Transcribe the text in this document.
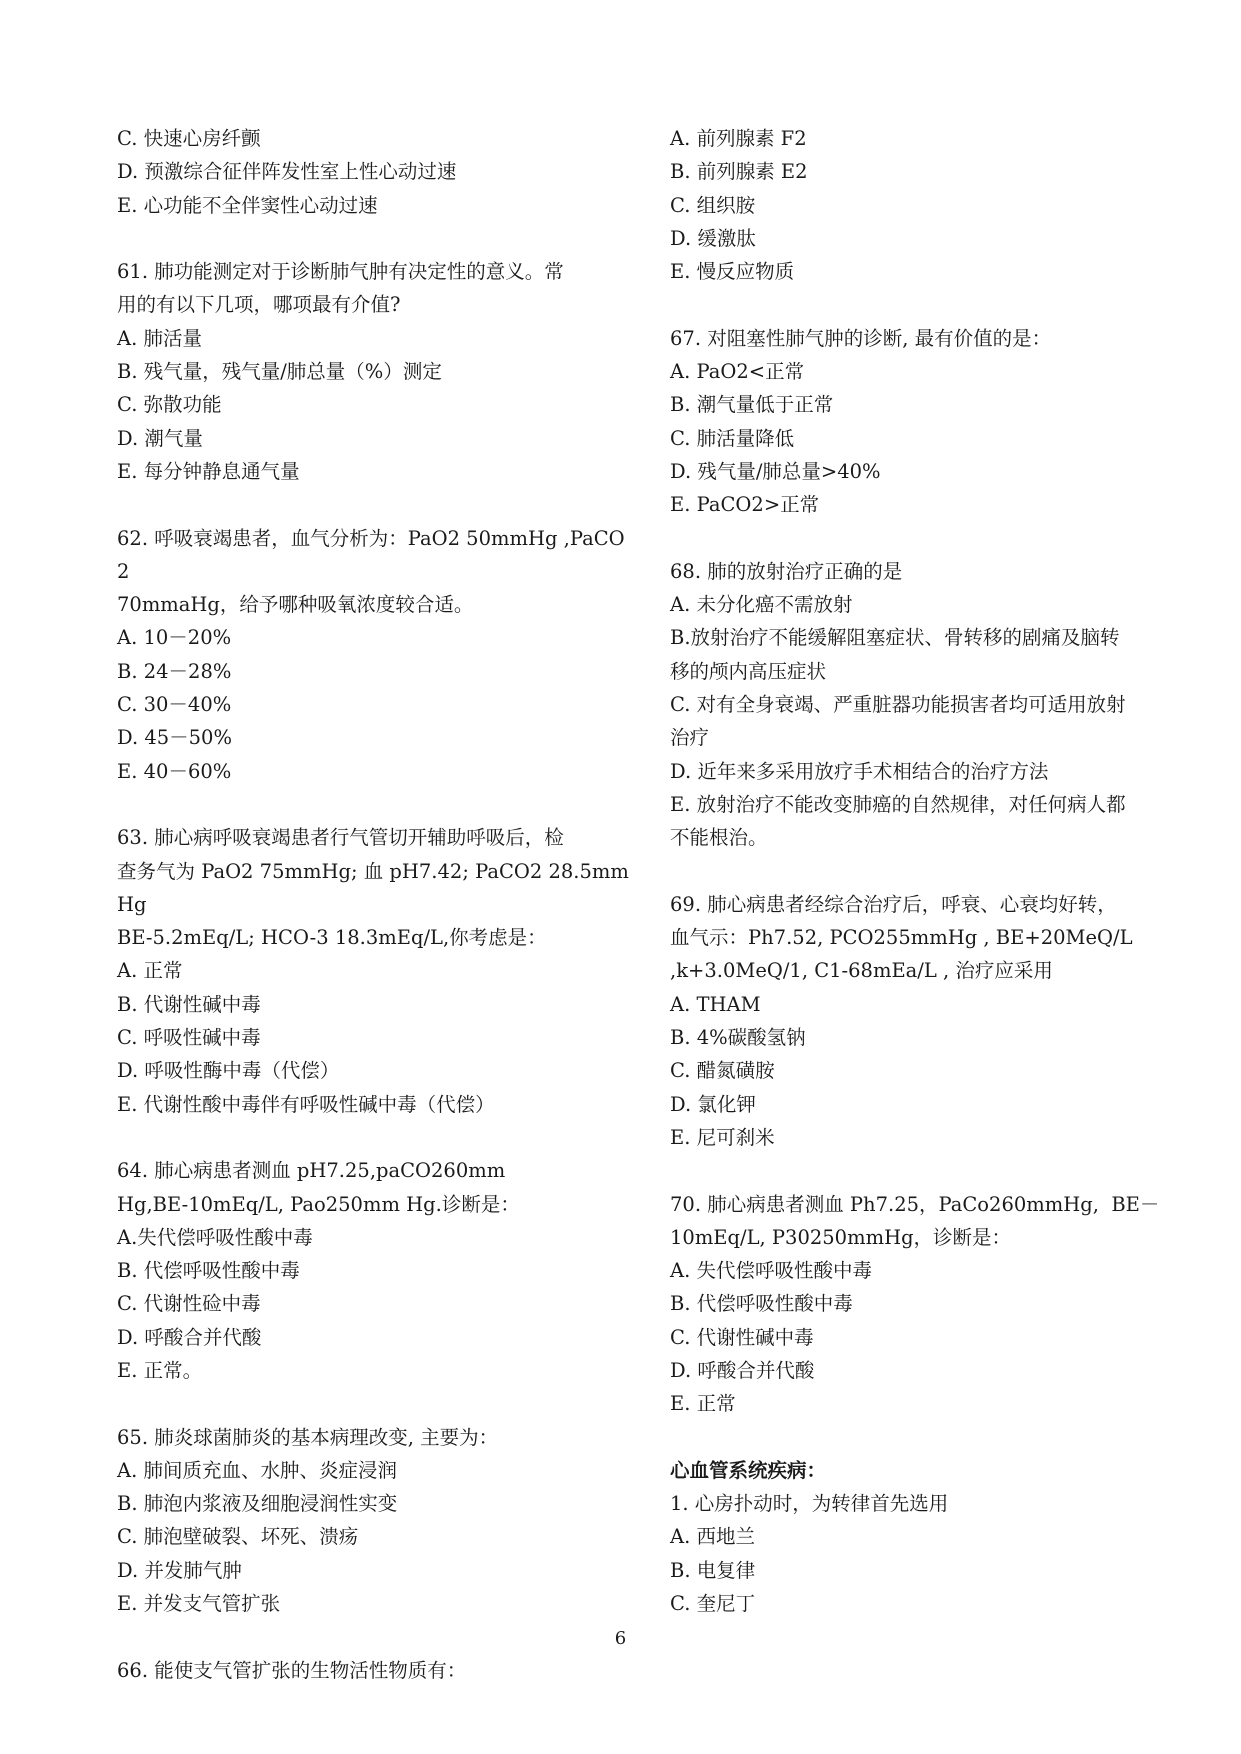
C. 快速心房纤颤
D. 预激综合征伴阵发性室上性心动过速
E. 心功能不全伴窦性心动过速
61. 肺功能测定对于诊断肺气肿有决定性的意义。常
用的有以下几项，哪项最有介值?
A. 肺活量
B. 残气量，残气量/肺总量（%）测定
C. 弥散功能
D. 潮气量
E. 每分钟静息通气量
62. 呼吸衰竭患者，血气分析为：PaO2 50mmHg ,PaCO2
70mmaHg，给予哪种吸氧浓度较合适。
A. 10－20%
B. 24－28%
C. 30－40%
D. 45－50%
E. 40－60%
63. 肺心病呼吸衰竭患者行气管切开辅助呼吸后，检
查务气为 PaO2 75mmHg; 血 pH7.42; PaCO2 28.5mmHg
BE-5.2mEq/L; HCO-3 18.3mEq/L,你考虑是：
A. 正常
B. 代谢性碱中毒
C. 呼吸性碱中毒
D. 呼吸性酶中毒（代偿）
E. 代谢性酸中毒伴有呼吸性碱中毒（代偿）
64. 肺心病患者测血 pH7.25,paCO260mm
Hg,BE-10mEq/L, Pao250mm Hg.诊断是：
A.失代偿呼吸性酸中毒
B. 代偿呼吸性酸中毒
C. 代谢性硷中毒
D. 呼酸合并代酸
E. 正常。
65. 肺炎球菌肺炎的基本病理改变, 主要为：
A. 肺间质充血、水肿、炎症浸润
B. 肺泡内浆液及细胞浸润性实变
C. 肺泡壁破裂、坏死、溃疡
D. 并发肺气肿
E. 并发支气管扩张
66. 能使支气管扩张的生物活性物质有：
A. 前列腺素 F2
B. 前列腺素 E2
C. 组织胺
D. 缓激肽
E. 慢反应物质
67. 对阻塞性肺气肿的诊断, 最有价值的是：
A. PaO2<正常
B. 潮气量低于正常
C. 肺活量降低
D. 残气量/肺总量>40%
E. PaCO2>正常
68. 肺的放射治疗正确的是
A. 未分化癌不需放射
B.放射治疗不能缓解阻塞症状、骨转移的剧痛及脑转
移的颅内高压症状
C. 对有全身衰竭、严重脏器功能损害者均可适用放射
治疗
D. 近年来多采用放疗手术相结合的治疗方法
E. 放射治疗不能改变肺癌的自然规律，对任何病人都
不能根治。
69. 肺心病患者经综合治疗后，呼衰、心衰均好转，
血气示：Ph7.52, PCO255mmHg , BE+20MeQ/L
,k+3.0MeQ/1, C1-68mEa/L , 治疗应采用
A. THAM
B. 4%碳酸氢钠
C. 醋氮磺胺
D. 氯化钾
E. 尼可刹米
70. 肺心病患者测血 Ph7.25，PaCo260mmHg,  BE－
10mEq/L, P30250mmHg，诊断是：
A. 失代偿呼吸性酸中毒
B. 代偿呼吸性酸中毒
C. 代谢性碱中毒
D. 呼酸合并代酸
E. 正常
心血管系统疾病：
1. 心房扑动时，为转律首先选用
A. 西地兰
B. 电复律
C. 奎尼丁
6
